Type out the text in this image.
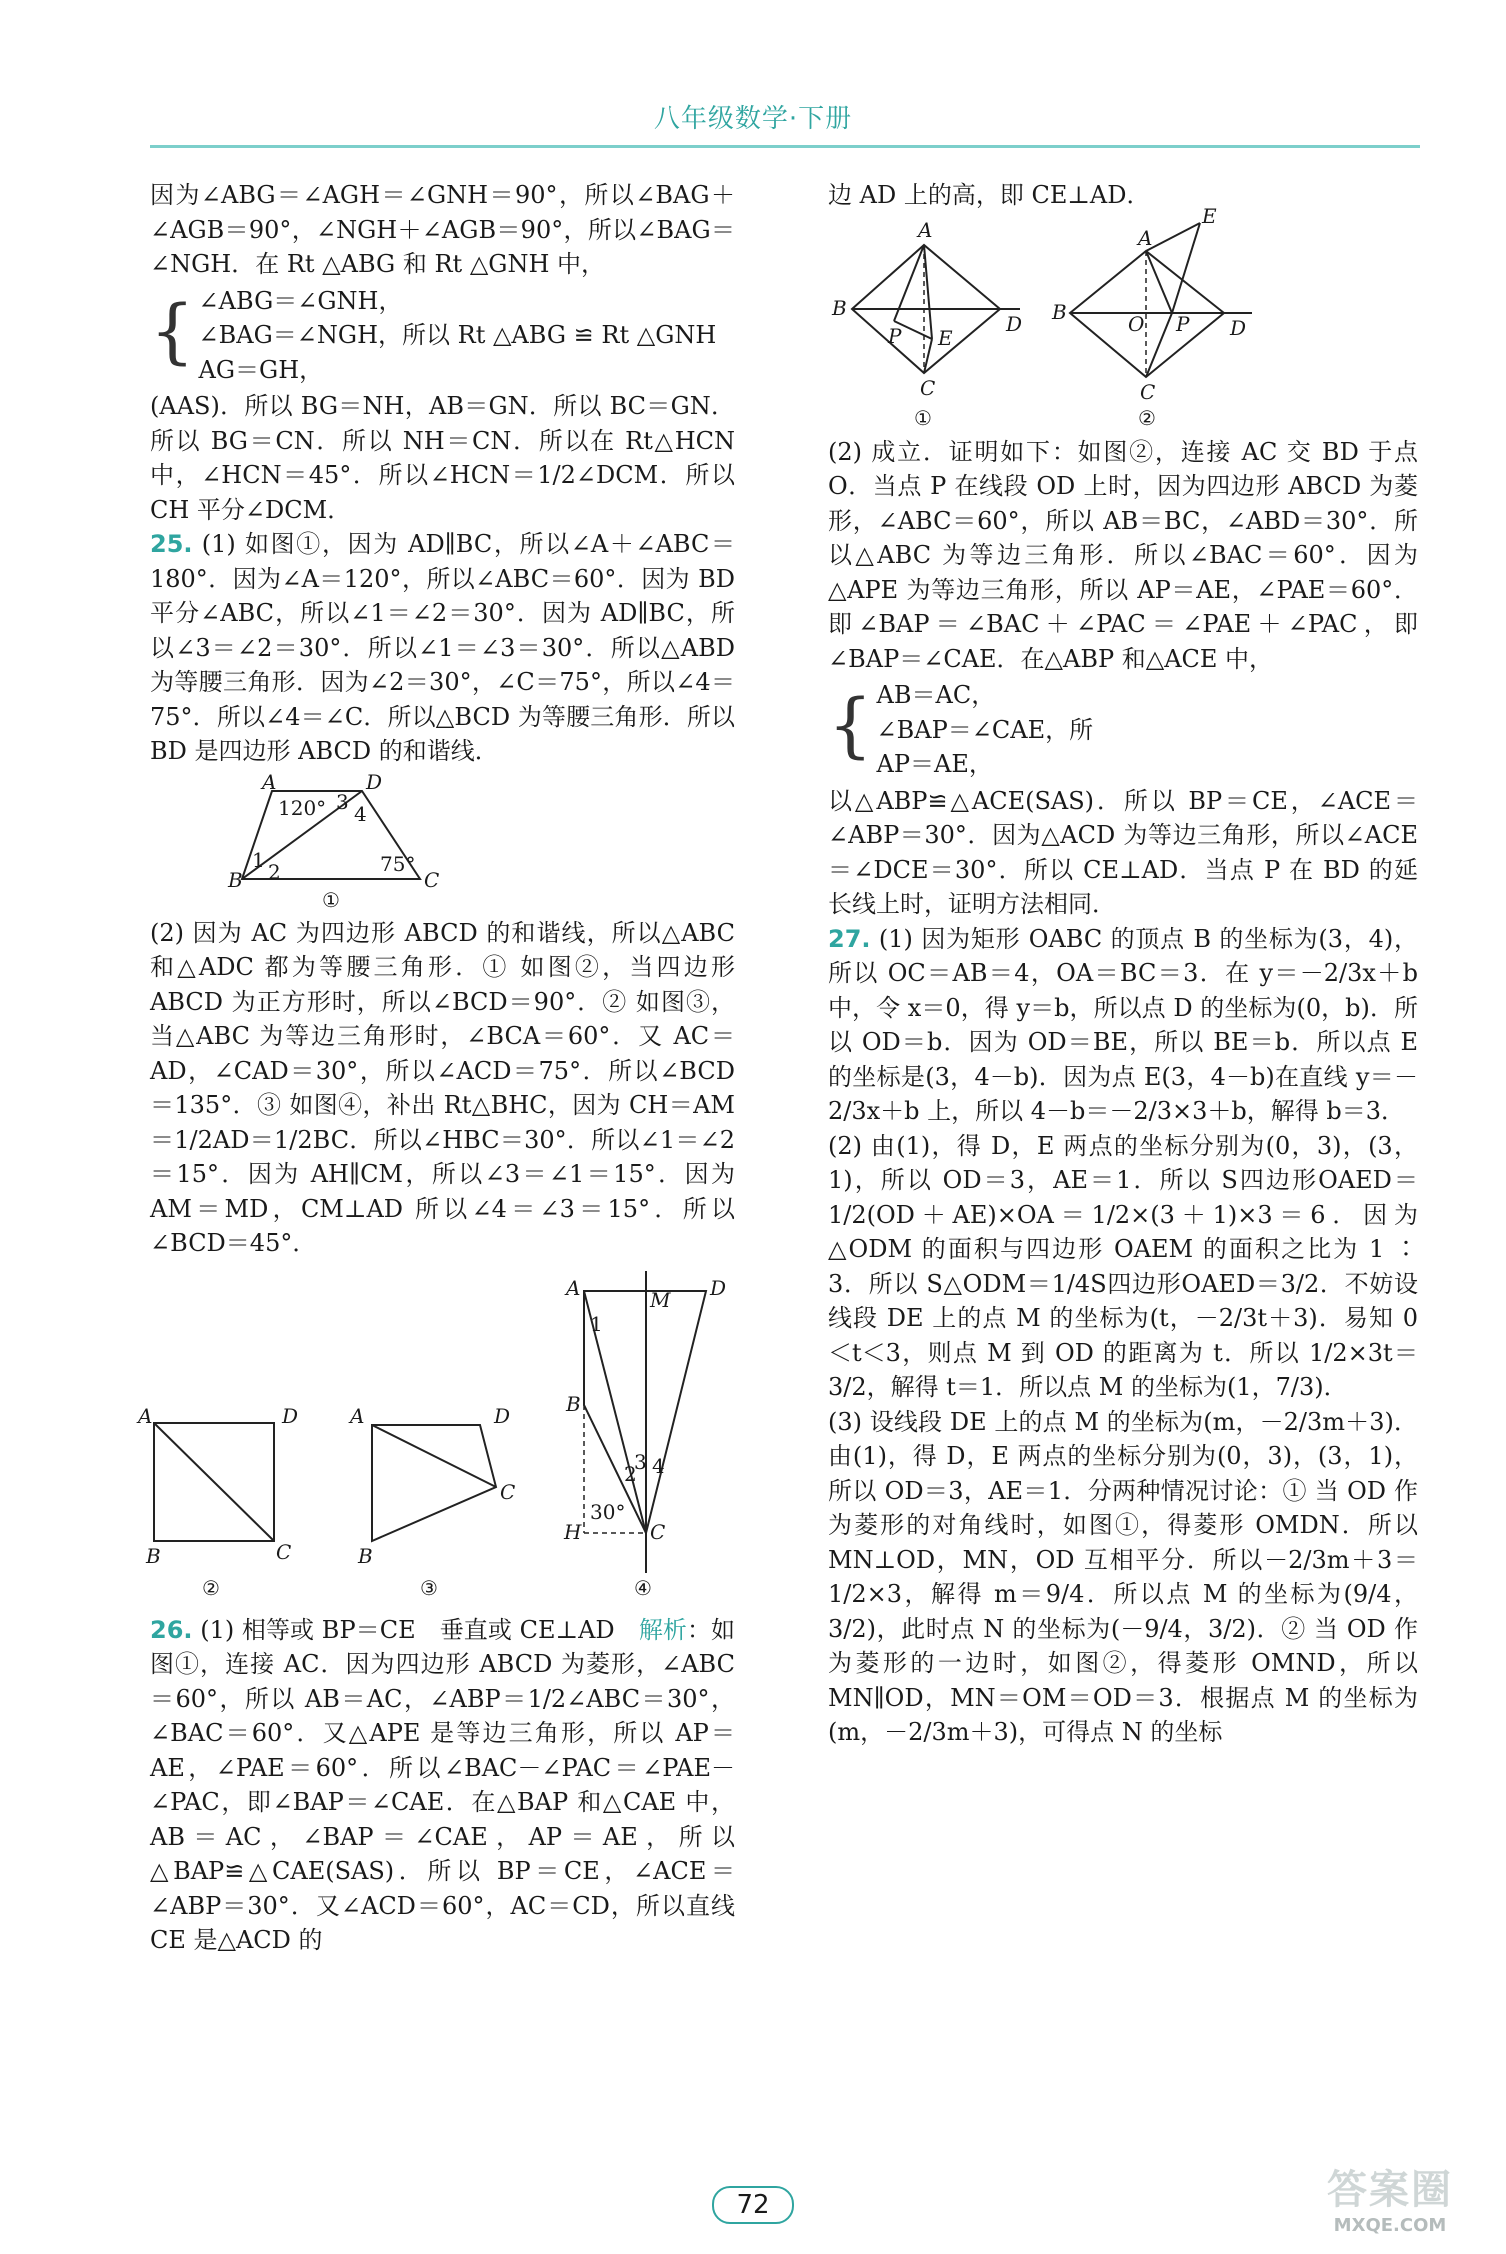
八年级数学·下册

因为∠ABG＝∠AGH＝∠GNH＝90°，所以∠BAG＋∠AGB＝90°，∠NGH＋∠AGB＝90°，所以∠BAG＝∠NGH．在 Rt △ABG 和 Rt △GNH 中，

{ ∠ABG＝∠GNH，
∠BAG＝∠NGH，所以 Rt △ABG ≌ Rt △GNH
AG＝GH，

(AAS)．所以 BG＝NH，AB＝GN．所以 BC＝GN．所以 BG＝CN．所以 NH＝CN．所以在 Rt△HCN 中，∠HCN＝45°．所以∠HCN＝1/2∠DCM．所以 CH 平分∠DCM．

25. (1) 如图①，因为 AD∥BC，所以∠A＋∠ABC＝180°．因为∠A＝120°，所以∠ABC＝60°．因为 BD 平分∠ABC，所以∠1＝∠2＝30°．因为 AD∥BC，所以∠3＝∠2＝30°．所以∠1＝∠3＝30°．所以△ABD 为等腰三角形．因为∠2＝30°，∠C＝75°，所以∠4＝75°．所以∠4＝∠C．所以△BCD 为等腰三角形．所以 BD 是四边形 ABCD 的和谐线．

A	D
B	C
120°
75°
3 4
1 2
①

(2) 因为 AC 为四边形 ABCD 的和谐线，所以△ABC 和△ADC 都为等腰三角形．① 如图②，当四边形 ABCD 为正方形时，所以∠BCD＝90°．② 如图③，当△ABC 为等边三角形时，∠BCA＝60°．又 AC＝AD，∠CAD＝30°，所以∠ACD＝75°．所以∠BCD＝135°．③ 如图④，补出 Rt△BHC，因为 CH＝AM＝1/2AD＝1/2BC．所以∠HBC＝30°．所以∠1＝∠2＝15°．因为 AH∥CM，所以∠3＝∠1＝15°．因为 AM＝MD，CM⊥AD 所以∠4＝∠3＝15°．所以∠BCD＝45°．

A	D
B	C
②
A	D
B
C
③
A	M D
B
H	C
30°
1
2
3 4
④

26. (1) 相等或 BP＝CE　垂直或 CE⊥AD　 解析：如图①，连接 AC．因为四边形 ABCD 为菱形，∠ABC＝60°，所以 AB＝AC，∠ABP＝1/2∠ABC＝30°，∠BAC＝60°．又△APE 是等边三角形，所以 AP＝AE，∠PAE＝60°．所以∠BAC－∠PAC＝∠PAE－∠PAC，即∠BAP＝∠CAE．在△BAP 和△CAE 中，AB＝AC，∠BAP＝∠CAE，AP＝AE，所以△BAP≌△CAE(SAS)．所以 BP＝CE，∠ACE＝∠ABP＝30°．又∠ACD＝60°，AC＝CD，所以直线 CE 是△ACD 的

边 AD 上的高，即 CE⊥AD．

A
B
D
C
P E
①
A
E
B	O P D
C
②

(2) 成立．证明如下：如图②，连接 AC 交 BD 于点 O．当点 P 在线段 OD 上时，因为四边形 ABCD 为菱形，∠ABC＝60°，所以 AB＝BC，∠ABD＝30°．所以△ABC 为等边三角形．所以∠BAC＝60°．因为△APE 为等边三角形，所以 AP＝AE，∠PAE＝60°．即∠BAP＝∠BAC＋∠PAC＝∠PAE＋∠PAC，即∠BAP＝∠CAE．在△ABP 和△ACE 中，

{ AB＝AC，
∠BAP＝∠CAE，所
AP＝AE，

以△ABP≌△ACE(SAS)．所以 BP＝CE，∠ACE＝∠ABP＝30°．因为△ACD 为等边三角形，所以∠ACE＝∠DCE＝30°．所以 CE⊥AD．当点 P 在 BD 的延长线上时，证明方法相同．

27. (1) 因为矩形 OABC 的顶点 B 的坐标为(3，4)，所以 OC＝AB＝4，OA＝BC＝3．在 y＝－2/3x＋b 中，令 x＝0，得 y＝b，所以点 D 的坐标为(0，b)．所以 OD＝b．因为 OD＝BE，所以 BE＝b．所以点 E 的坐标是(3，4－b)．因为点 E(3，4－b)在直线 y＝－2/3x＋b 上，所以 4－b＝－2/3×3＋b，解得 b＝3．

(2) 由(1)，得 D，E 两点的坐标分别为(0，3)，(3，1)，所以 OD＝3，AE＝1．所以 S四边形OAED＝1/2(OD＋AE)×OA＝1/2×(3＋1)×3＝6．因为△ODM 的面积与四边形 OAEM 的面积之比为 1 ∶ 3．所以 S△ODM＝1/4S四边形OAED＝3/2．不妨设线段 DE 上的点 M 的坐标为(t，－2/3t＋3)．易知 0＜t＜3，则点 M 到 OD 的距离为 t．所以 1/2×3t＝3/2，解得 t＝1．所以点 M 的坐标为(1，7/3)．

(3) 设线段 DE 上的点 M 的坐标为(m，－2/3m＋3)．由(1)，得 D，E 两点的坐标分别为(0，3)，(3，1)，所以 OD＝3，AE＝1．分两种情况讨论：① 当 OD 作为菱形的对角线时，如图①，得菱形 OMDN．所以 MN⊥OD，MN，OD 互相平分．所以－2/3m＋3＝1/2×3，解得 m＝9/4．所以点 M 的坐标为(9/4，3/2)，此时点 N 的坐标为(－9/4，3/2)．② 当 OD 作为菱形的一边时，如图②，得菱形 OMND，所以 MN∥OD，MN＝OM＝OD＝3．根据点 M 的坐标为(m，－2/3m＋3)，可得点 N 的坐标

72	答案圈
MXQE.COM
